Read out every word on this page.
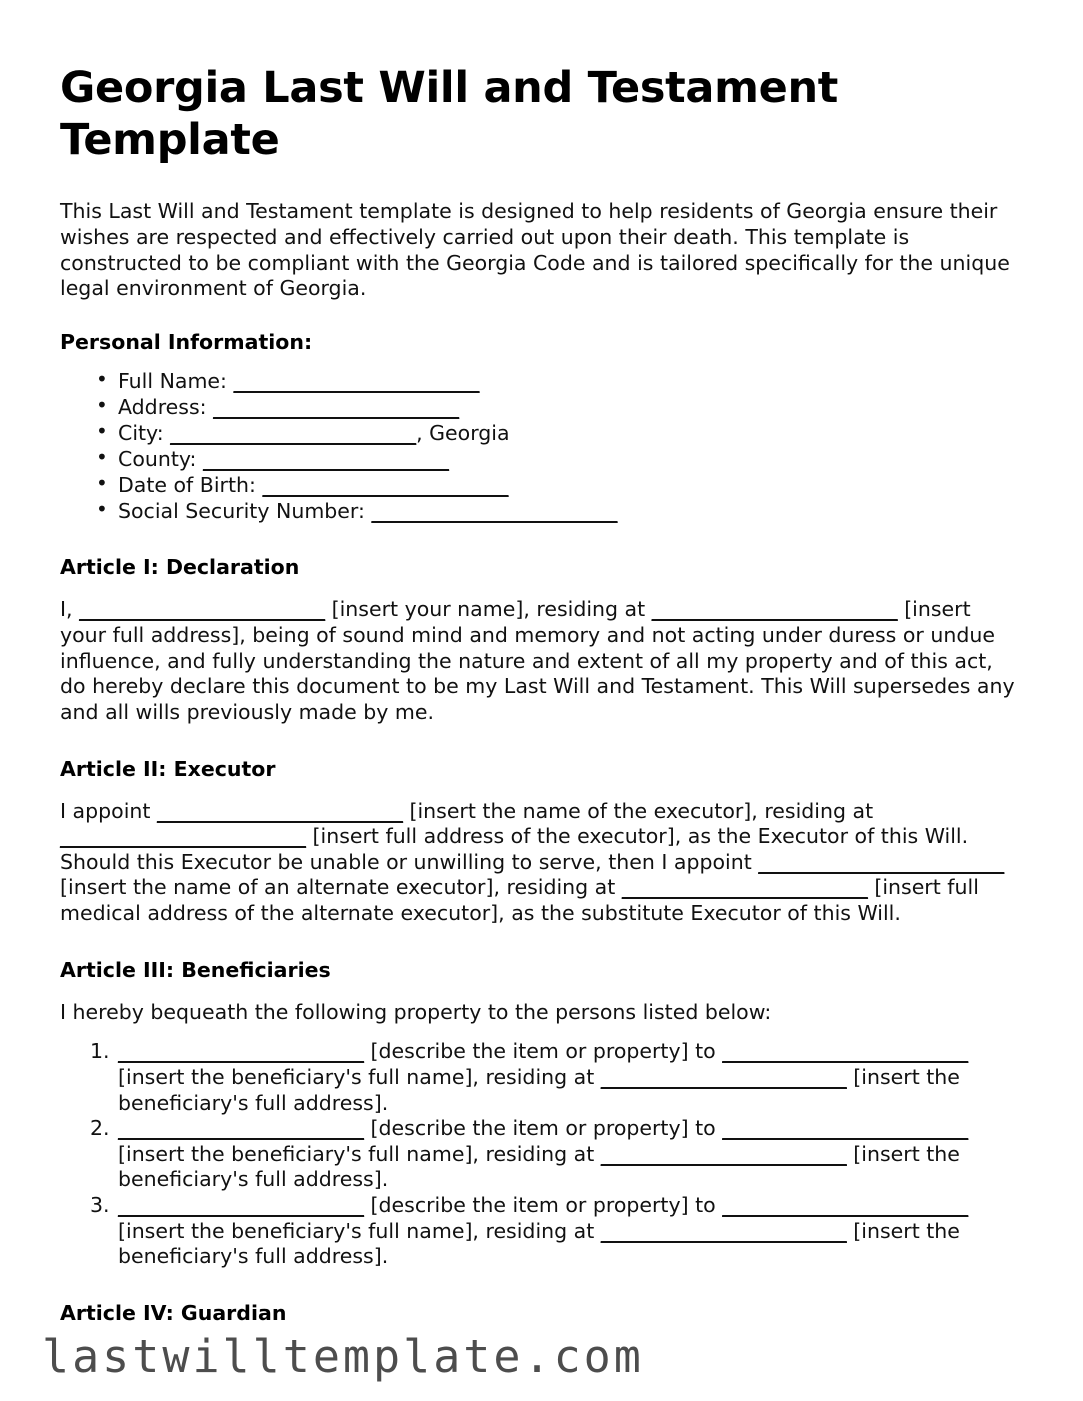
Georgia Last Will and Testament Template

This Last Will and Testament template is designed to help residents of Georgia ensure their wishes are respected and effectively carried out upon their death. This template is constructed to be compliant with the Georgia Code and is tailored specifically for the unique legal environment of Georgia.

Personal Information:
• Full Name: ________________________
• Address: ________________________
• City: ________________________, Georgia
• County: ________________________
• Date of Birth: ________________________
• Social Security Number: ________________________
Article I: Declaration

I, ________________________ [insert your name], residing at ________________________ [insert your full address], being of sound mind and memory and not acting under duress or undue influence, and fully understanding the nature and extent of all my property and of this act, do hereby declare this document to be my Last Will and Testament. This Will supersedes any and all wills previously made by me.

Article II: Executor

I appoint ________________________ [insert the name of the executor], residing at ________________________ [insert full address of the executor], as the Executor of this Will. Should this Executor be unable or unwilling to serve, then I appoint ________________________ [insert the name of an alternate executor], residing at ________________________ [insert full medical address of the alternate executor], as the substitute Executor of this Will.

Article III: Beneficiaries

I hereby bequeath the following property to the persons listed below:

________________________ [describe the item or property] to ________________________ [insert the beneficiary's full name], residing at ________________________ [insert the beneficiary's full address].
________________________ [describe the item or property] to ________________________ [insert the beneficiary's full name], residing at ________________________ [insert the beneficiary's full address].
________________________ [describe the item or property] to ________________________ [insert the beneficiary's full name], residing at ________________________ [insert the beneficiary's full address].
Article IV: Guardian
lastwilltemplate.com
